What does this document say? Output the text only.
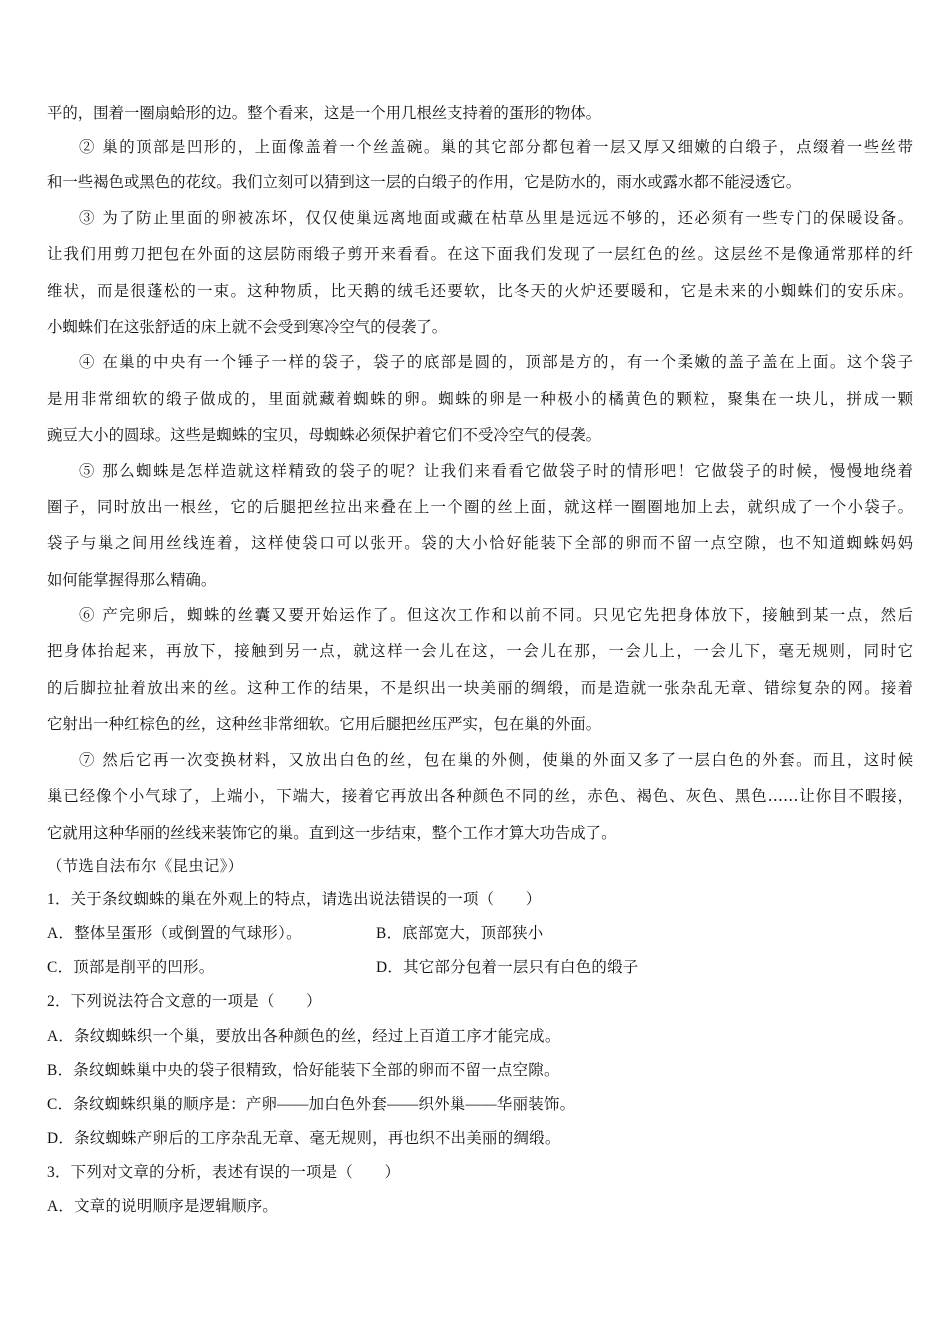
平的，围着一圈扇蛤形的边。整个看来，这是一个用几根丝支持着的蛋形的物体。
② 巢的顶部是凹形的，上面像盖着一个丝盖碗。巢的其它部分都包着一层又厚又细嫩的白缎子，点缀着一些丝带
和一些褐色或黑色的花纹。我们立刻可以猜到这一层的白缎子的作用，它是防水的，雨水或露水都不能浸透它。
③ 为了防止里面的卵被冻坏，仅仅使巢远离地面或藏在枯草丛里是远远不够的，还必须有一些专门的保暖设备。
让我们用剪刀把包在外面的这层防雨缎子剪开来看看。在这下面我们发现了一层红色的丝。这层丝不是像通常那样的纤
维状，而是很蓬松的一束。这种物质，比天鹅的绒毛还要软，比冬天的火炉还要暖和，它是未来的小蜘蛛们的安乐床。
小蜘蛛们在这张舒适的床上就不会受到寒冷空气的侵袭了。
④ 在巢的中央有一个锤子一样的袋子，袋子的底部是圆的，顶部是方的，有一个柔嫩的盖子盖在上面。这个袋子
是用非常细软的缎子做成的，里面就藏着蜘蛛的卵。蜘蛛的卵是一种极小的橘黄色的颗粒，聚集在一块儿，拼成一颗
豌豆大小的圆球。这些是蜘蛛的宝贝，母蜘蛛必须保护着它们不受冷空气的侵袭。
⑤ 那么蜘蛛是怎样造就这样精致的袋子的呢？让我们来看看它做袋子时的情形吧！它做袋子的时候，慢慢地绕着
圈子，同时放出一根丝，它的后腿把丝拉出来叠在上一个圈的丝上面，就这样一圈圈地加上去，就织成了一个小袋子。
袋子与巢之间用丝线连着，这样使袋口可以张开。袋的大小恰好能装下全部的卵而不留一点空隙，也不知道蜘蛛妈妈
如何能掌握得那么精确。
⑥ 产完卵后，蜘蛛的丝囊又要开始运作了。但这次工作和以前不同。只见它先把身体放下，接触到某一点，然后
把身体抬起来，再放下，接触到另一点，就这样一会儿在这，一会儿在那，一会儿上，一会儿下，毫无规则，同时它
的后脚拉扯着放出来的丝。这种工作的结果，不是织出一块美丽的绸缎，而是造就一张杂乱无章、错综复杂的网。接着
它射出一种红棕色的丝，这种丝非常细软。它用后腿把丝压严实，包在巢的外面。
⑦ 然后它再一次变换材料，又放出白色的丝，包在巢的外侧，使巢的外面又多了一层白色的外套。而且，这时候
巢已经像个小气球了，上端小，下端大，接着它再放出各种颜色不同的丝，赤色、褐色、灰色、黑色……让你目不暇接，
它就用这种华丽的丝线来装饰它的巢。直到这一步结束，整个工作才算大功告成了。
（节选自法布尔《昆虫记》）
1．关于条纹蜘蛛的巢在外观上的特点，请选出说法错误的一项（　　）
A．整体呈蛋形（或倒置的气球形）。	B．底部宽大，顶部狭小
C．顶部是削平的凹形。	D．其它部分包着一层只有白色的缎子
2．下列说法符合文意的一项是（　　）
A．条纹蜘蛛织一个巢，要放出各种颜色的丝，经过上百道工序才能完成。
B．条纹蜘蛛巢中央的袋子很精致，恰好能装下全部的卵而不留一点空隙。
C．条纹蜘蛛织巢的顺序是：产卵——加白色外套——织外巢——华丽装饰。
D．条纹蜘蛛产卵后的工序杂乱无章、毫无规则，再也织不出美丽的绸缎。
3．下列对文章的分析，表述有误的一项是（　　）
A．文章的说明顺序是逻辑顺序。
